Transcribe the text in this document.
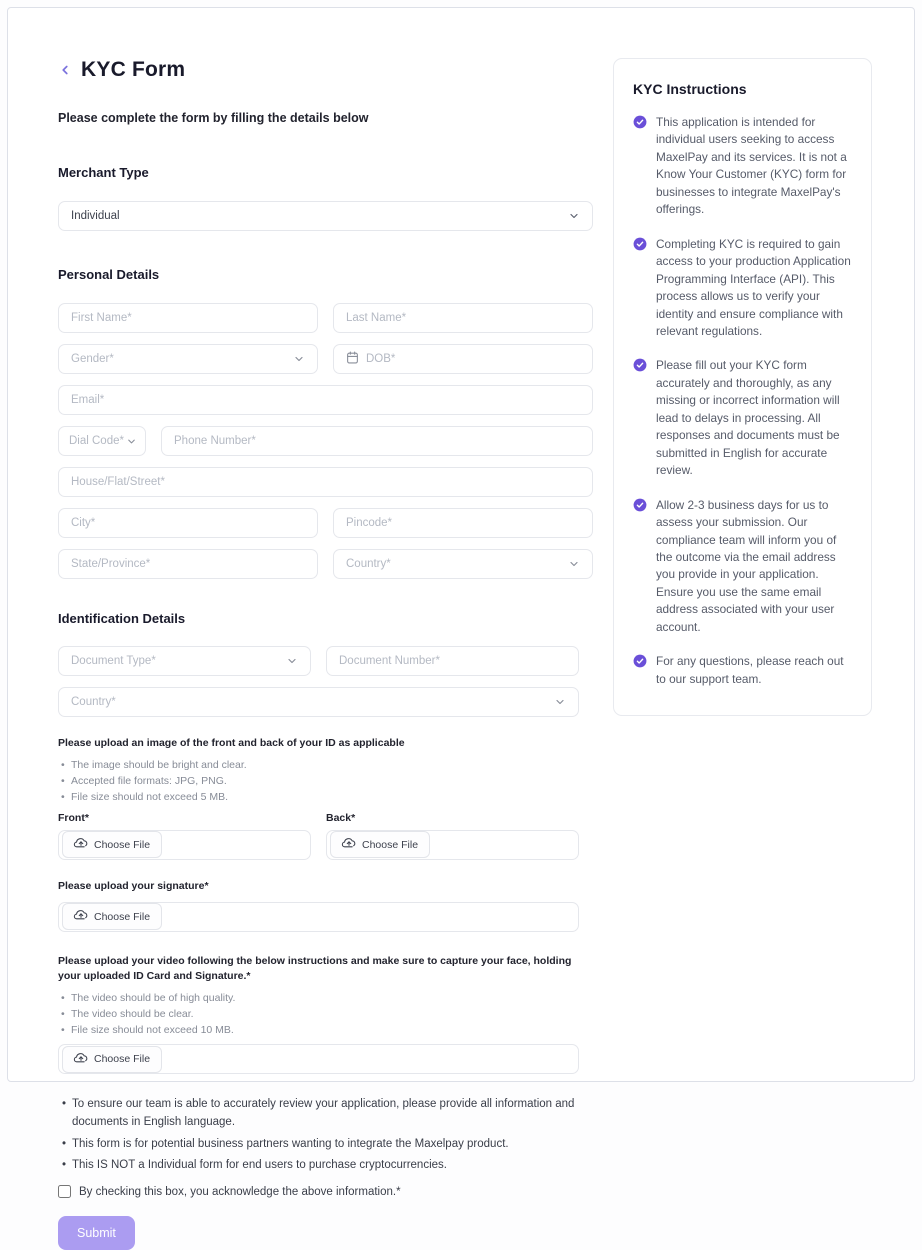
KYC Form
Please complete the form by filling the details below
Merchant Type
Individual
Personal Details
First Name*
Last Name*
Gender*	DOB*
Email*
Dial Code*
Phone Number*
House/Flat/Street*
City*
Pincode*
State/Province*
Country*
Identification Details
Document Type*
Document Number*
Country*
Please upload an image of the front and back of your ID as applicable
• The image should be bright and clear.
• Accepted file formats: JPG, PNG.
• File size should not exceed 5 MB.
Front*
Choose File
Back*
Choose File
Please upload your signature*
Choose File
Please upload your video following the below instructions and make sure to capture your face, holding your uploaded ID Card and Signature.*
• The video should be of high quality.
• The video should be clear.
• File size should not exceed 10 MB.
Choose File
• To ensure our team is able to accurately review your application, please provide all information and documents in English language.
• This form is for potential business partners wanting to integrate the Maxelpay product.
• This IS NOT a Individual form for end users to purchase cryptocurrencies.
By checking this box, you acknowledge the above information.*
Submit
KYC Instructions
This application is intended for individual users seeking to access MaxelPay and its services. It is not a Know Your Customer (KYC) form for businesses to integrate MaxelPay's offerings.
Completing KYC is required to gain access to your production Application Programming Interface (API). This process allows us to verify your identity and ensure compliance with relevant regulations.
Please fill out your KYC form accurately and thoroughly, as any missing or incorrect information will lead to delays in processing. All responses and documents must be submitted in English for accurate review.
Allow 2-3 business days for us to assess your submission. Our compliance team will inform you of the outcome via the email address you provide in your application. Ensure you use the same email address associated with your user account.
For any questions, please reach out to our support team.
